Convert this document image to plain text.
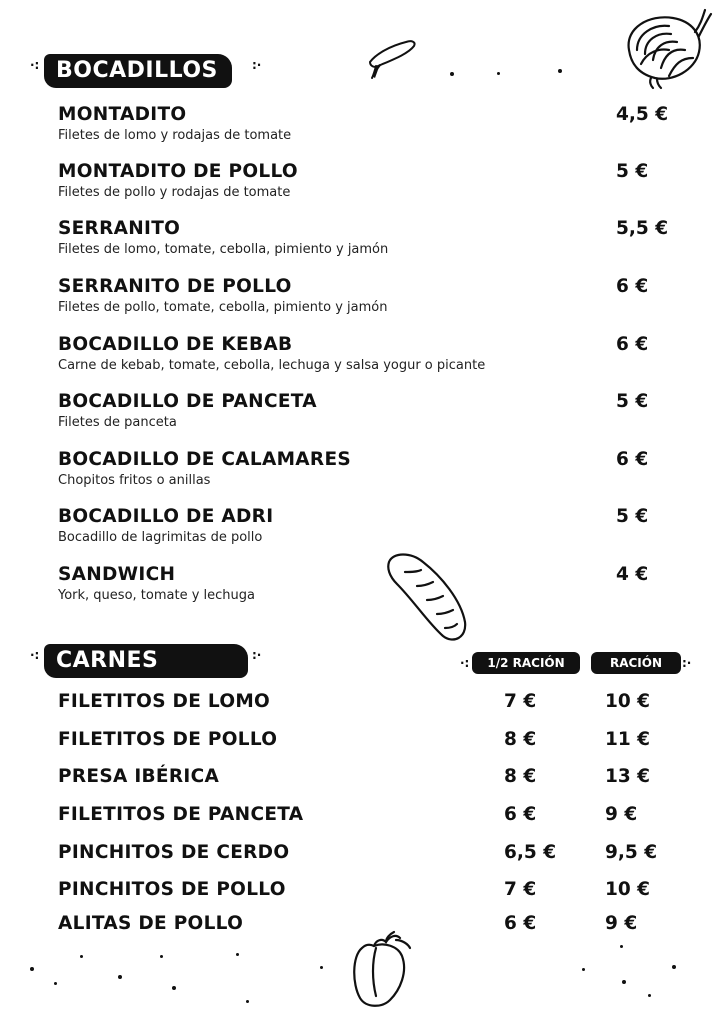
·: BOCADILLOS	:·
MONTADITO
Filetes de lomo y rodajas de tomate
4,5 €
MONTADITO DE POLLO
Filetes de pollo y rodajas de tomate
5 €
SERRANITO
Filetes de lomo, tomate, cebolla, pimiento y jamón
5,5 €
SERRANITO DE POLLO
Filetes de pollo, tomate, cebolla, pimiento y jamón
6 €
BOCADILLO DE KEBAB
Carne de kebab, tomate, cebolla, lechuga y salsa yogur o picante
6 €
BOCADILLO DE PANCETA
Filetes de panceta
5 €
BOCADILLO DE CALAMARES
Chopitos fritos o anillas
6 €
BOCADILLO DE ADRI
Bocadillo de lagrimitas de pollo
5 €
SANDWICH
York, queso, tomate y lechuga
4 €
·: CARNES	:·
·:	1/2 RACIÓN	RACIÓN	:·
FILETITOS DE LOMO	7 €	10 €
FILETITOS DE POLLO	8 €	11 €
PRESA IBÉRICA	8 €	13 €
FILETITOS DE PANCETA	6 €	9 €
PINCHITOS DE CERDO	6,5 €	9,5 €
PINCHITOS DE POLLO	7 €	10 €
ALITAS DE POLLO	6 €	9 €
